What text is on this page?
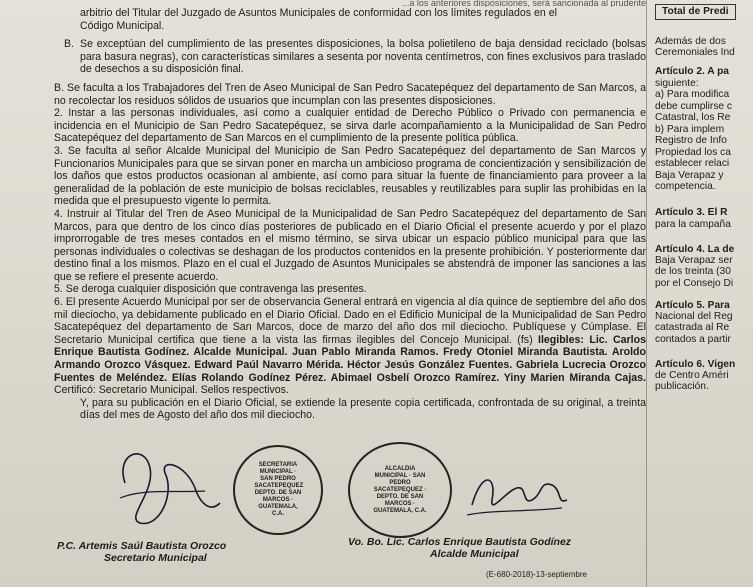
...a los anteriores disposiciones, será sancionada al prudente

arbitrio del Titular del Juzgado de Asuntos Municipales de conformidad con los límites regulados en el

Código Municipal.

B. Se exceptúan del cumplimiento de las presentes disposiciones, la bolsa polietileno de baja densidad reciclado (bolsas para basura negras), con características similares a sesenta por noventa centímetros, con fines exclusivos para traslado de desechos a su disposición final.

B. Se faculta a los Trabajadores del Tren de Aseo Municipal de San Pedro Sacatepéquez del departamento de San Marcos, a no recolectar los residuos sólidos de usuarios que incumplan con las presentes disposiciones.

2. Instar a las personas individuales, así como a cualquier entidad de Derecho Público o Privado con permanencia e incidencia en el Municipio de San Pedro Sacatepéquez, se sirva darle acompañamiento a la Municipalidad de San Pedro Sacatepéquez del departamento de San Marcos en el cumplimiento de la presente política pública.

3. Se faculta al señor Alcalde Municipal del Municipio de San Pedro Sacatepéquez del departamento de San Marcos y Funcionarios Municipales para que se sirvan poner en marcha un ambicioso programa de concientización y sensibilización de los daños que estos productos ocasionan al ambiente, así como para situar la fuente de financiamiento para proveer a la generalidad de la población de este municipio de bolsas reciclables, reusables y reutilizables para suplir las prohibidas en la medida que el presupuesto vigente lo permita.

4. Instruir al Titular del Tren de Aseo Municipal de la Municipalidad de San Pedro Sacatepéquez del departamento de San Marcos, para que dentro de los cinco días posteriores de publicado en el Diario Oficial el presente acuerdo y por el plazo improrrogable de tres meses contados en el mismo término, se sirva ubicar un espacio público municipal para que las personas individuales o colectivas se deshagan de los productos contenidos en la presente prohibición. Y posteriormente dar destino final a los mismos. Plazo en el cual el Juzgado de Asuntos Municipales se abstendrá de imponer las sanciones a las que se refiere el presente acuerdo.

5. Se deroga cualquier disposición que contravenga las presentes.

6. El presente Acuerdo Municipal por ser de observancia General entrará en vigencia al día quince de septiembre del año dos mil dieciocho, ya debidamente publicado en el Diario Oficial. Dado en el Edificio Municipal de la Municipalidad de San Pedro Sacatepéquez del departamento de San Marcos, doce de marzo del año dos mil dieciocho. Publíquese y Cúmplase. El Secretario Municipal certifica que tiene a la vista las firmas ilegibles del Concejo Municipal. (fs) Ilegibles: Lic. Carlos Enrique Bautista Godínez. Alcalde Municipal. Juan Pablo Miranda Ramos. Fredy Otoniel Miranda Bautista. Aroldo Armando Orozco Vásquez. Edward Paúl Navarro Mérida. Héctor Jesús González Fuentes. Gabriela Lucrecia Orozco Fuentes de Meléndez. Elías Rolando Godínez Pérez. Abimael Osbelí Orozco Ramírez. Yiny Marien Miranda Cajas. Certificó: Secretario Municipal. Sellos respectivos.

Y, para su publicación en el Diario Oficial, se extiende la presente copia certificada, confrontada de su original, a treinta días del mes de Agosto del año dos mil dieciocho.

SECRETARIA MUNICIPAL · SAN PEDRO SACATEPEQUEZ DEPTO. DE SAN MARCOS · GUATEMALA, C.A.
ALCALDIA MUNICIPAL · SAN PEDRO SACATEPEQUEZ · DEPTO. DE SAN MARCOS · GUATEMALA, C.A.
P.C. Artemis Saúl Bautista Orozco
Secretario Municipal
Vo. Bo. Lic. Carlos Enrique Bautista Godínez
Alcalde Municipal
(E-680-2018)-13-septiembre
Total de Predi
Además de dos
Ceremoniales Ind
Artículo 2. A pa
siguiente:
a) Para modifica
debe cumplirse c
Catastral, los Re
b) Para implem
Registro de Info
Propiedad los ca
establecer relaci
Baja Verapaz y
competencia.
Artículo 3. El R
para la campaña
Artículo 4. La de
Baja Verapaz ser
de los treinta (30
por el Consejo Di
Artículo 5. Para
Nacional del Reg
catastrada al Re
contados a partir
Artículo 6. Vigen
de Centro Améri
publicación.
